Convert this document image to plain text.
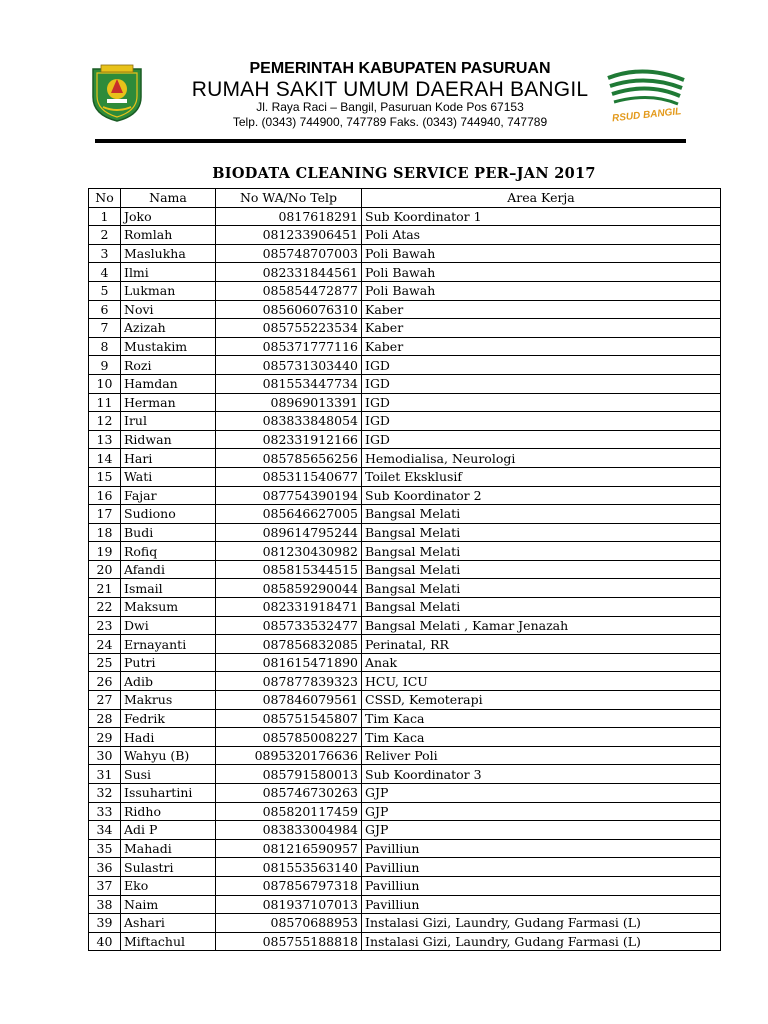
PEMERINTAH KABUPATEN PASURUAN
RUMAH SAKIT UMUM DAERAH BANGIL
Jl. Raya Raci – Bangil, Pasuruan Kode Pos 67153
Telp. (0343) 744900, 747789 Faks. (0343) 744940, 747789	RSUD BANGIL
BIODATA CLEANING SERVICE PER–JAN 2017
No	Nama	No WA/No Telp	Area Kerja
1	Joko	0817618291	Sub Koordinator 1
2	Romlah	081233906451	Poli Atas
3	Maslukha	085748707003	Poli Bawah
4	Ilmi	082331844561	Poli Bawah
5	Lukman	085854472877	Poli Bawah
6	Novi	085606076310	Kaber
7	Azizah	085755223534	Kaber
8	Mustakim	085371777116	Kaber
9	Rozi	085731303440	IGD
10	Hamdan	081553447734	IGD
11	Herman	08969013391	IGD
12	Irul	083833848054	IGD
13	Ridwan	082331912166	IGD
14	Hari	085785656256	Hemodialisa, Neurologi
15	Wati	085311540677	Toilet Eksklusif
16	Fajar	087754390194	Sub Koordinator 2
17	Sudiono	085646627005	Bangsal Melati
18	Budi	089614795244	Bangsal Melati
19	Rofiq	081230430982	Bangsal Melati
20	Afandi	085815344515	Bangsal Melati
21	Ismail	085859290044	Bangsal Melati
22	Maksum	082331918471	Bangsal Melati
23	Dwi	085733532477	Bangsal Melati , Kamar Jenazah
24	Ernayanti	087856832085	Perinatal, RR
25	Putri	081615471890	Anak
26	Adib	087877839323	HCU, ICU
27	Makrus	087846079561	CSSD, Kemoterapi
28	Fedrik	085751545807	Tim Kaca
29	Hadi	085785008227	Tim Kaca
30	Wahyu (B)	0895320176636	Reliver Poli
31	Susi	085791580013	Sub Koordinator 3
32	Issuhartini	085746730263	GJP
33	Ridho	085820117459	GJP
34	Adi P	083833004984	GJP
35	Mahadi	081216590957	Pavilliun
36	Sulastri	081553563140	Pavilliun
37	Eko	087856797318	Pavilliun
38	Naim	081937107013	Pavilliun
39	Ashari	08570688953	Instalasi Gizi, Laundry, Gudang Farmasi (L)
40	Miftachul	085755188818	Instalasi Gizi, Laundry, Gudang Farmasi (L)
